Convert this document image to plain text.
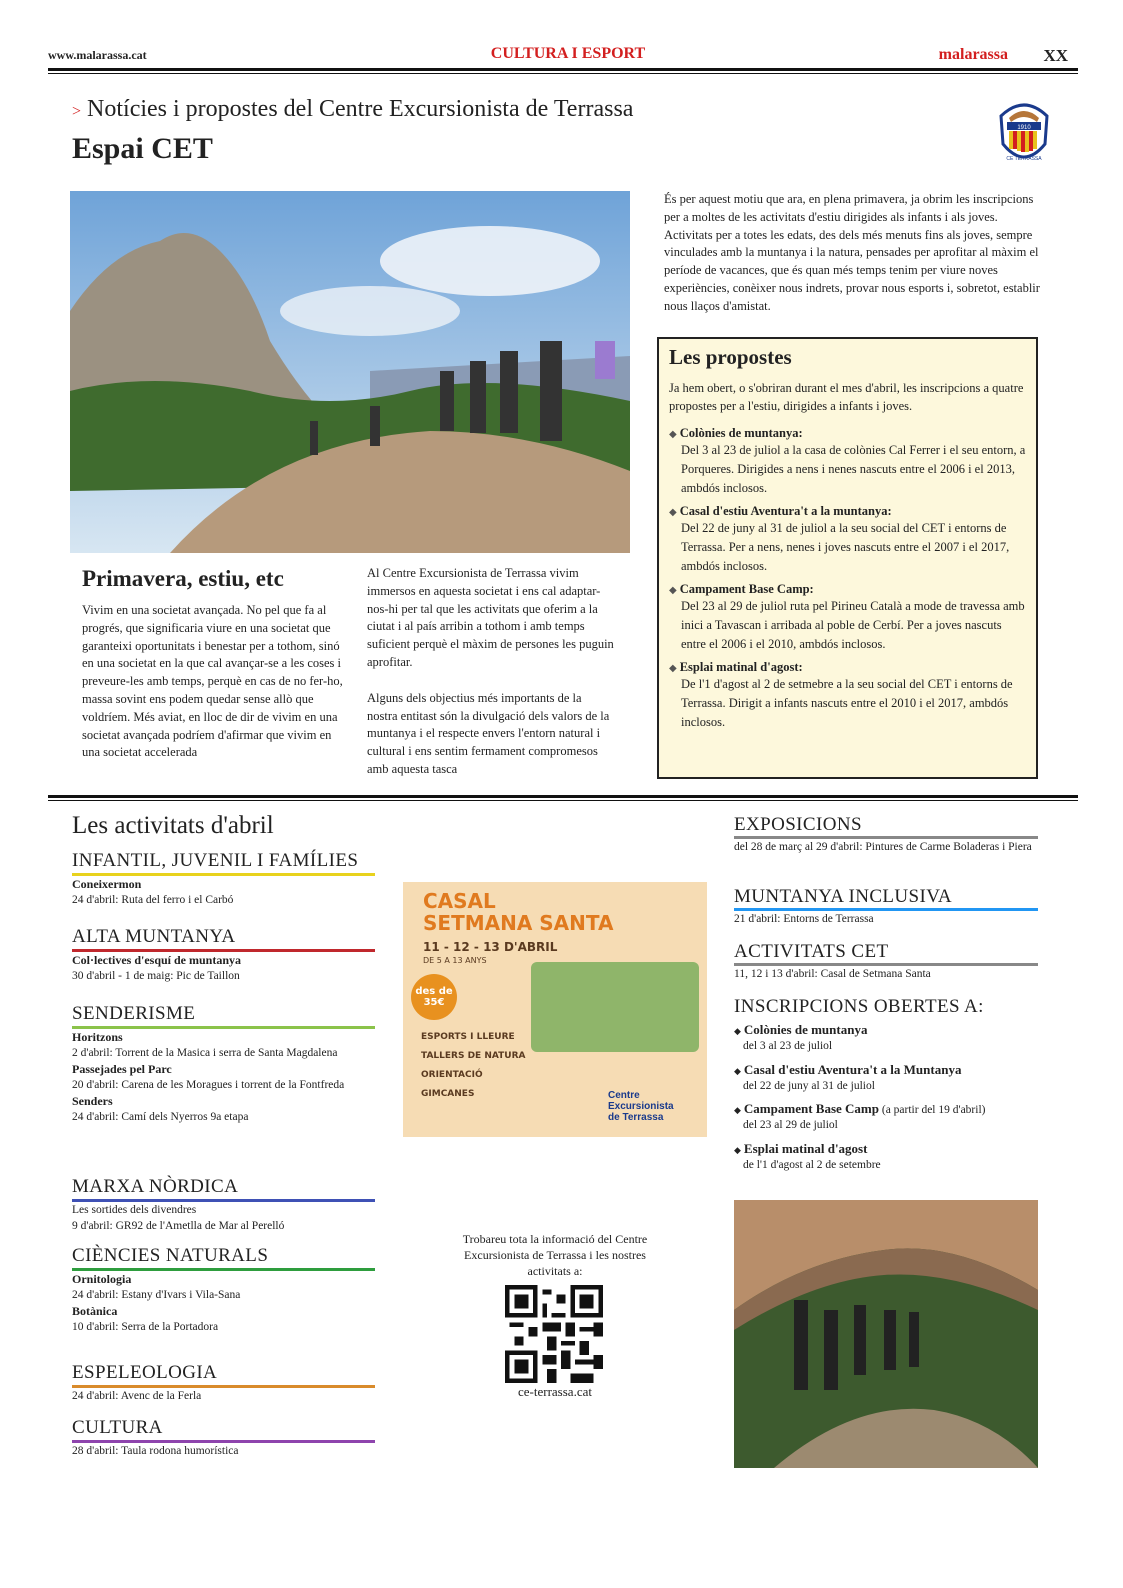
www.malarassa.cat	CULTURA I ESPORT	malarassa XX
> Notícies i propostes del Centre Excursionista de Terrassa
Espai CET
1910
CE TERRASSA
Primavera, estiu, etc
Vivim en una societat avançada. No pel que fa al progrés, que significaria viure en una societat que garanteixi oportunitats i benestar per a tothom, sinó en una societat en la que cal avançar-se a les coses i preveure-les amb temps, perquè en cas de no fer-ho, massa sovint ens podem quedar sense allò que voldríem. Més aviat, en lloc de dir de vivim en una societat avançada podríem d'afirmar que vivim en una societat accelerada
Al Centre Excursionista de Terrassa vivim immersos en aquesta societat i ens cal adaptar-nos-hi per tal que les activitats que oferim a la ciutat i al país arribin a tothom i amb temps suficient perquè el màxim de persones les puguin aprofitar.
Alguns dels objectius més importants de la nostra entitast són la divulgació dels valors de la muntanya i el respecte envers l'entorn natural i cultural i ens sentim fermament compromesos amb aquesta tasca
És per aquest motiu que ara, en plena primavera, ja obrim les inscripcions per a moltes de les activitats d'estiu dirigides als infants i als joves. Activitats per a totes les edats, des dels més menuts fins als joves, sempre vinculades amb la muntanya i la natura, pensades per aprofitar al màxim el període de vacances, que és quan més temps tenim per viure noves experiències, conèixer nous indrets, provar nous esports i, sobretot, establir nous llaços d'amistat.
Les propostes
Ja hem obert, o s'obriran durant el mes d'abril, les inscripcions a quatre propostes per a l'estiu, dirigides a infants i joves.
◆ Colònies de muntanya:
Del 3 al 23 de juliol a la casa de colònies Cal Ferrer i el seu entorn, a Porqueres. Dirigides a nens i nenes nascuts entre el 2006 i el 2013, ambdós inclosos.
◆ Casal d'estiu Aventura't a la muntanya:
Del 22 de juny al 31 de juliol a la seu social del CET i entorns de Terrassa. Per a nens, nenes i joves nascuts entre el 2007 i el 2017, ambdós inclosos.
◆ Campament Base Camp:
Del 23 al 29 de juliol ruta pel Pirineu Català a mode de travessa amb inici a Tavascan i arribada al poble de Cerbí. Per a joves nascuts entre el 2006 i el 2010, ambdós inclosos.
◆ Esplai matinal d'agost:
De l'1 d'agost al 2 de setmebre a la seu social del CET i entorns de Terrassa. Dirigit a infants nascuts entre el 2010 i el 2017, ambdós inclosos.
Les activitats d'abril
INFANTIL, JUVENIL I FAMÍLIES
Coneixermon
24 d'abril: Ruta del ferro i el Carbó
ALTA MUNTANYA
Col·lectives d'esquí de muntanya
30 d'abril - 1 de maig: Pic de Taillon
SENDERISME
Horitzons
2 d'abril: Torrent de la Masica i serra de Santa Magdalena
Passejades pel Parc
20 d'abril: Carena de les Moragues i torrent de la Fontfreda
Senders
24 d'abril: Camí dels Nyerros 9a etapa
MARXA NÒRDICA
Les sortides dels divendres
9 d'abril: GR92 de l'Ametlla de Mar al Perelló
CIÈNCIES NATURALS
Ornitologia
24 d'abril: Estany d'Ivars i Vila-Sana
Botànica
10 d'abril: Serra de la Portadora
ESPELEOLOGIA
24 d'abril: Avenc de la Ferla
CULTURA
28 d'abril: Taula rodona humorística
EXPOSICIONS
del 28 de març al 29 d'abril: Pintures de Carme Boladeras i Piera
MUNTANYA INCLUSIVA
21 d'abril: Entorns de Terrassa
ACTIVITATS CET
11, 12 i 13 d'abril: Casal de Setmana Santa
CASAL
SETMANA SANTA
11 - 12 - 13 D'ABRIL
DE 5 A 13 ANYS
des de 35€
ESPORTS I LLEURE
TALLERS DE NATURA
ORIENTACIÓ
GIMCANES	Centre
Excursionista
de Terrassa
Trobareu tota la informació del Centre Excursionista de Terrassa i les nostres activitats a:
ce-terrassa.cat
INSCRIPCIONS OBERTES A:
◆ Colònies de muntanya
del 3 al 23 de juliol
◆ Casal d'estiu Aventura't a la Muntanya
del 22 de juny al 31 de juliol
◆ Campament Base Camp (a partir del 19 d'abril)
del 23 al 29 de juliol
◆ Esplai matinal d'agost
de l'1 d'agost al 2 de setembre
